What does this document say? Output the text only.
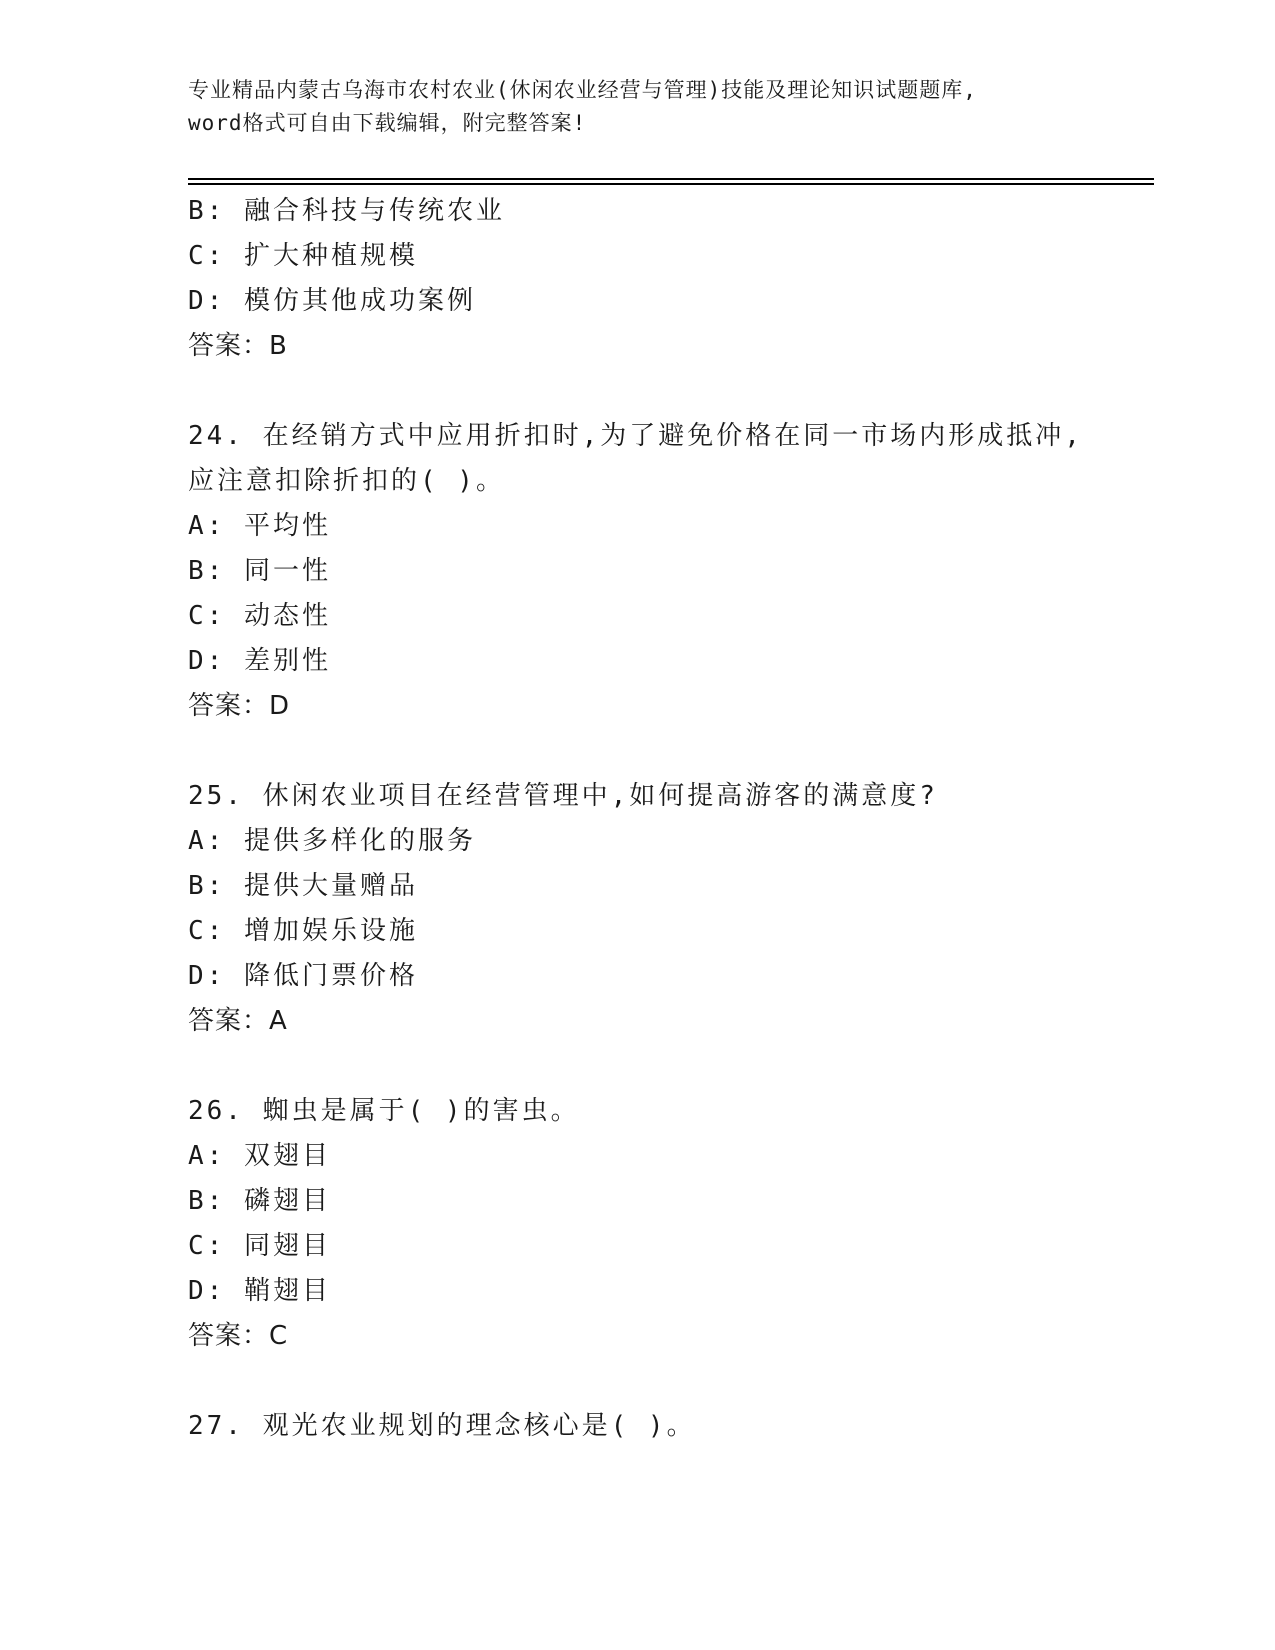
专业精品内蒙古乌海市农村农业(休闲农业经营与管理)技能及理论知识试题题库,
word格式可自由下载编辑，附完整答案!
B: 融合科技与传统农业
C: 扩大种植规模
D: 模仿其他成功案例
答案：B
24. 在经销方式中应用折扣时,为了避免价格在同一市场内形成抵冲,
应注意扣除折扣的( )。
A: 平均性
B: 同一性
C: 动态性
D: 差别性
答案：D
25. 休闲农业项目在经营管理中,如何提高游客的满意度?
A: 提供多样化的服务
B: 提供大量赠品
C: 增加娱乐设施
D: 降低门票价格
答案：A
26. 蜘虫是属于( )的害虫。
A: 双翅目
B: 磷翅目
C: 同翅目
D: 鞘翅目
答案：C
27. 观光农业规划的理念核心是( )。
